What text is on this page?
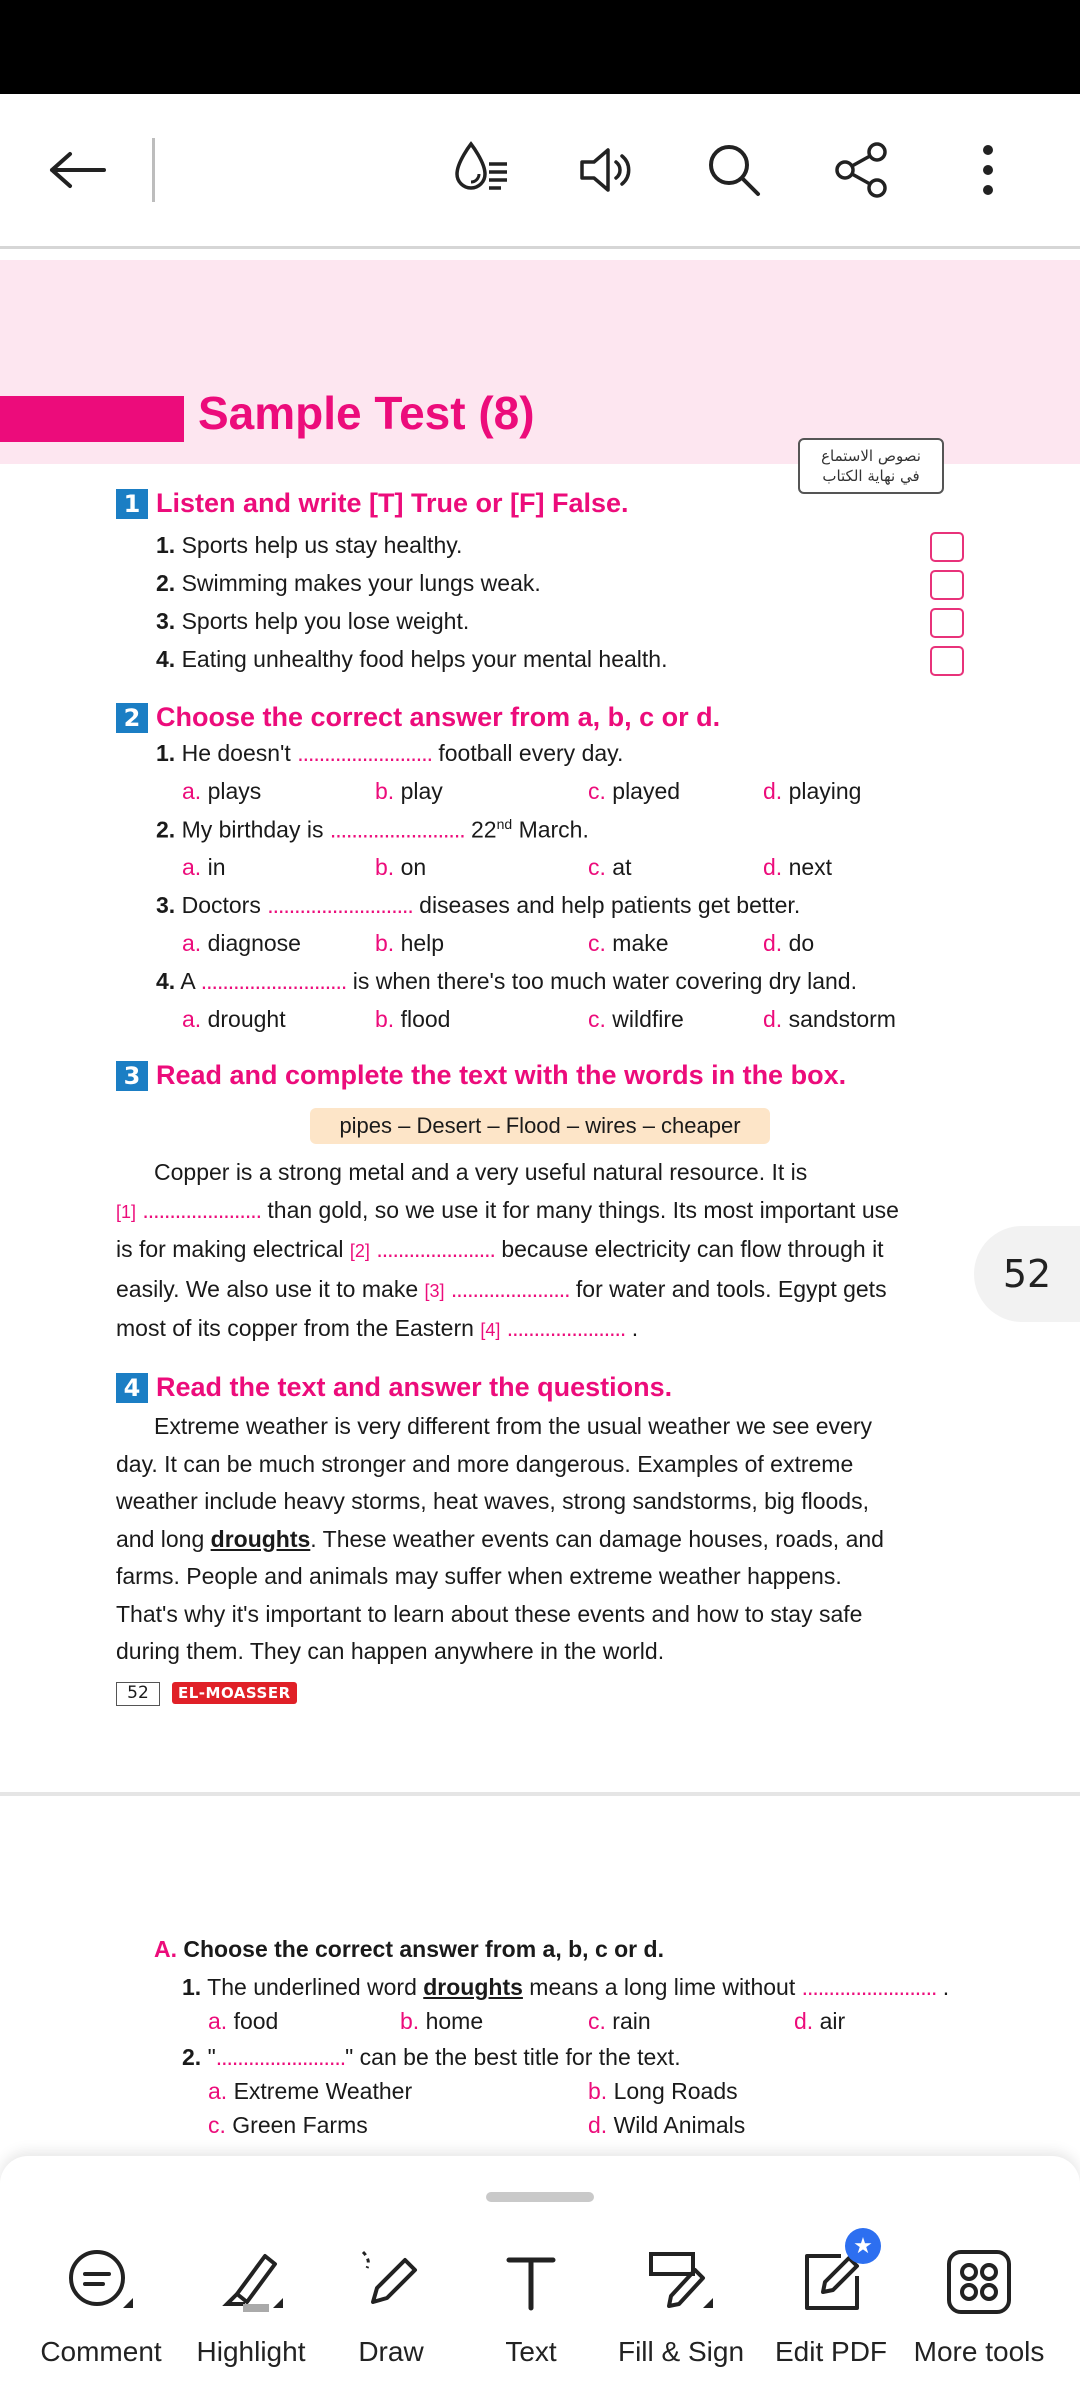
Sample Test (8)
نصوص الاستماع
في نهاية الكتاب
1 Listen and write [T] True or [F] False.
1. Sports help us stay healthy.
2. Swimming makes your lungs weak.
3. Sports help you lose weight.
4. Eating unhealthy food helps your mental health.
2 Choose the correct answer from a, b, c or d.
1. He doesn't ......................... football every day.
a. plays	b. play	c. played	d. playing
2. My birthday is ......................... 22nd March.
a. in	b. on	c. at	d. next
3. Doctors ........................... diseases and help patients get better.
a. diagnose	b. help	c. make	d. do
4. A ........................... is when there's too much water covering dry land.
a. drought	b. flood	c. wildfire	d. sandstorm
3 Read and complete the text with the words in the box.
pipes – Desert – Flood – wires – cheaper
Copper is a strong metal and a very useful natural resource. It is
[1] ...................... than gold, so we use it for many things. Its most important use
is for making electrical [2] ...................... because electricity can flow through it
easily. We also use it to make [3] ...................... for water and tools. Egypt gets
most of its copper from the Eastern [4] ...................... .
4 Read the text and answer the questions.
Extreme weather is very different from the usual weather we see every
day. It can be much stronger and more dangerous. Examples of extreme
weather include heavy storms, heat waves, strong sandstorms, big floods,
and long droughts. These weather events can damage houses, roads, and
farms. People and animals may suffer when extreme weather happens.
That's why it's important to learn about these events and how to stay safe
during them. They can happen anywhere in the world.
52	EL-MOASSER
52
A. Choose the correct answer from a, b, c or d.
1. The underlined word droughts means a long lime without ......................... .
a. food	b. home	c. rain	d. air
2. "........................" can be the best title for the text.
a. Extreme Weather	b. Long Roads
c. Green Farms	d. Wild Animals
Comment	Highlight	Draw	Text	Fill & Sign
★
Edit PDF More tools
